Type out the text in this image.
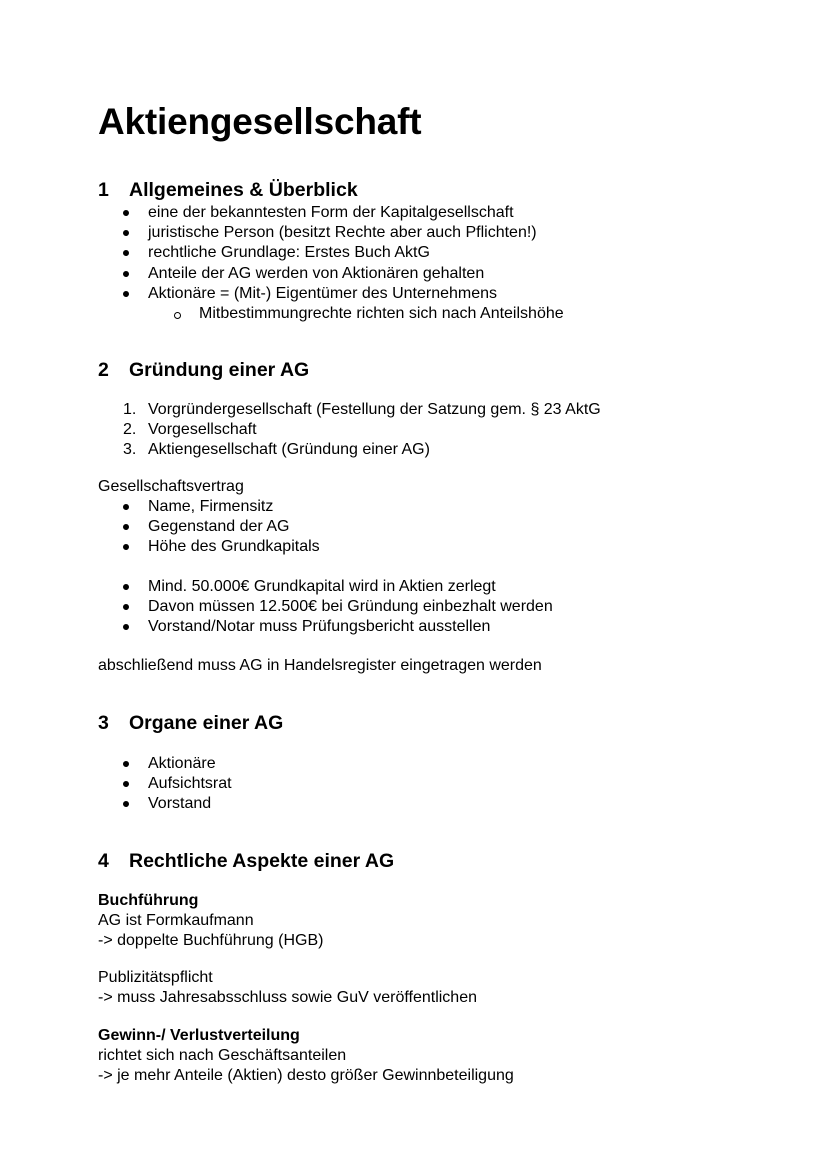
Aktiengesellschaft
1 Allgemeines & Überblick
eine der bekanntesten Form der Kapitalgesellschaft
juristische Person (besitzt Rechte aber auch Pflichten!)
rechtliche Grundlage: Erstes Buch AktG
Anteile der AG werden von Aktionären gehalten
Aktionäre = (Mit-) Eigentümer des Unternehmens
Mitbestimmungrechte richten sich nach Anteilshöhe
2 Gründung einer AG
1. Vorgründergesellschaft (Festellung der Satzung gem. § 23 AktG
2. Vorgesellschaft
3. Aktiengesellschaft (Gründung einer AG)

Gesellschaftsvertrag

Name, Firmensitz
Gegenstand der AG
Höhe des Grundkapitals
Mind. 50.000€ Grundkapital wird in Aktien zerlegt
Davon müssen 12.500€ bei Gründung einbezhalt werden
Vorstand/Notar muss Prüfungsbericht ausstellen

abschließend muss AG in Handelsregister eingetragen werden

3 Organe einer AG
Aktionäre
Aufsichtsrat
Vorstand
4 Rechtliche Aspekte einer AG

Buchführung

AG ist Formkaufmann

-> doppelte Buchführung (HGB)

Publizitätspflicht

-> muss Jahresabsschluss sowie GuV veröffentlichen

Gewinn-/ Verlustverteilung

richtet sich nach Geschäftsanteilen

-> je mehr Anteile (Aktien) desto größer Gewinnbeteiligung
